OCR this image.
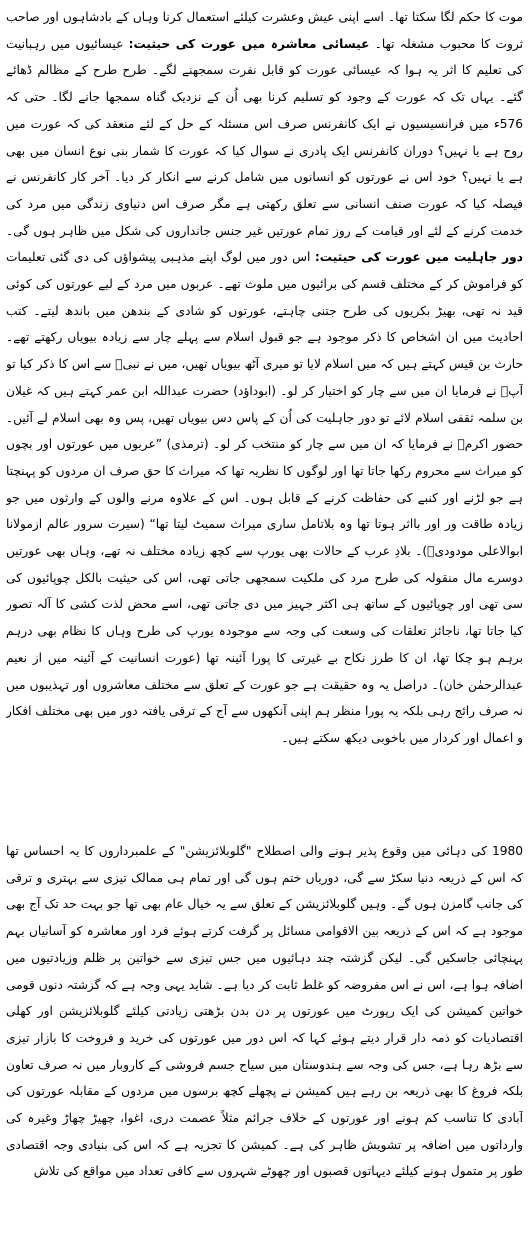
موت کا حکم لگا سکتا تھا۔ اسے اپنی عیش وعشرت کیلئے استعمال کرنا وہاں کے بادشاہوں اور صاحب ثروت کا محبوب مشغلہ تھا۔ عیسائی معاشرہ میں عورت کی حیثیت: عیسائیوں میں رہبانیت کی تعلیم کا اثر یہ ہوا کہ عیسائی عورت کو قابل نفرت سمجھنے لگے۔ طرح طرح کے مظالم ڈھائے گئے۔ یہاں تک کہ عورت کے وجود کو تسلیم کرنا بھی اُن کے نزدیک گناہ سمجھا جانے لگا۔ حتی کہ 576ء میں فرانسیسیوں نے ایک کانفرنس صرف اس مسئلہ کے حل کے لئے منعقد کی کہ عورت میں روح ہے یا نہیں؟ دوران کانفرنس ایک پادری نے سوال کیا کہ عورت کا شمار بنی نوع انسان میں بھی ہے یا نہیں؟ خود اس نے عورتوں کو انسانوں میں شامل کرنے سے انکار کر دیا۔ آخر کار کانفرنس نے فیصلہ کیا کہ عورت صنف انسانی سے تعلق رکھتی ہے مگر صرف اس دنیاوی زندگی میں مرد کی خدمت کرنے کے لئے اور قیامت کے روز تمام عورتیں غیر جنس جانداروں کی شکل میں ظاہر ہوں گی۔ دور جاہلیت میں عورت کی حیثیت: اس دور میں لوگ اپنے مذہبی پیشواؤں کی دی گئی تعلیمات کو فراموش کر کے مختلف قسم کی برائیوں میں ملوث تھے۔ عربوں میں مرد کے لیے عورتوں کی کوئی قید نہ تھی، بھیڑ بکریوں کی طرح جتنی چاہتے، عورتوں کو شادی کے بندھن میں باندھ لیتے۔ کتب احادیث میں ان اشخاص کا ذکر موجود ہے جو قبول اسلام سے پہلے چار سے زیادہ بیویاں رکھتے تھے۔ حارث بن قیس کہتے ہیں کہ میں اسلام لایا تو میری آٹھ بیویاں تھیں، میں نے نبیؐ سے اس کا ذکر کیا تو آپؐ نے فرمایا ان میں سے چار کو اختیار کر لو۔ (ابوداؤد) حضرت عبداللہ ابن عمر کہتے ہیں کہ غیلان بن سلمہ ثقفی اسلام لائے تو دور جاہلیت کی اُن کے پاس دس بیویاں تھیں، پس وہ بھی اسلام لے آئیں۔ حضور اکرمؐ نے فرمایا کہ ان میں سے چار کو منتخب کر لو۔ (ترمذی) ”عربوں میں عورتوں اور بچوں کو میراث سے محروم رکھا جاتا تھا اور لوگوں کا نظریہ تھا کہ میراث کا حق صرف ان مردوں کو پہنچتا ہے جو لڑنے اور کنبے کی حفاظت کرنے کے قابل ہوں۔ اس کے علاوہ مرنے والوں کے وارثوں میں جو زیادہ طاقت ور اور بااثر ہوتا تھا وہ بلاتامل ساری میراث سمیٹ لیتا تھا“ (سیرت سرور عالم ازمولانا ابوالاعلی مودودیؒ)۔ بلادِ عرب کے حالات بھی یورپ سے کچھ زیادہ مختلف نہ تھے، وہاں بھی عورتیں دوسرے مال منقولہ کی طرح مرد کی ملکیت سمجھی جاتی تھی، اس کی حیثیت بالکل چوپائیوں کی سی تھی اور چوپائیوں کے ساتھ ہی اکثر جہیز میں دی جاتی تھی، اسے محض لذت کشی کا آلہ تصور کیا جاتا تھا، ناجائز تعلقات کی وسعت کی وجہ سے موجودہ یورپ کی طرح وہاں کا نظام بھی درہم برہم ہو چکا تھا، ان کا طرز نکاح بے غیرتی کا پورا آئینہ تھا (عورت انسانیت کے آئینہ میں از نعیم عبدالرحمٰن خان)۔ دراصل یہ وہ حقیقت ہے جو عورت کے تعلق سے مختلف معاشروں اور تہذیبوں میں نہ صرف رائج رہی بلکہ یہ پورا منظر ہم اپنی آنکھوں سے آج کے ترقی یافتہ دور میں بھی مختلف افکار و اعمال اور کردار میں باخوبی دیکھ سکتے ہیں۔

1980 کی دہائی میں وقوع پذیر ہونے والی اصطلاح "گلوبلائزیشن" کے علمبرداروں کا یہ احساس تھا کہ اس کے ذریعہ دنیا سکڑ سے گی، دوریاں ختم ہوں گی اور تمام ہی ممالک تیزی سے بہتری و ترقی کی جانب گامزن ہوں گے۔ وہیں گلوبلائزیشن کے تعلق سے یہ خیال عام بھی تھا جو بہت حد تک آج بھی موجود ہے کہ اس کے ذریعہ بین الاقوامی مسائل پر گرفت کرتے ہوئے فرد اور معاشرہ کو آسانیاں بہم پہنچائی جاسکیں گی۔ لیکن گزشتہ چند دہائیوں میں جس تیزی سے خواتین پر ظلم وزیادتیوں میں اضافہ ہوا ہے، اس نے اس مفروضہ کو غلط ثابت کر دیا ہے۔ شاید یہی وجہ ہے کہ گزشتہ دنوں قومی خواتین کمیشن کی ایک رپورٹ میں عورتوں پر دن بدن بڑھتی زیادتی کیلئے گلوبلائزیشن اور کھلی اقتصادیات کو ذمہ دار قرار دیتے ہوئے کہا کہ اس دور میں عورتوں کی خرید و فروخت کا بازار تیزی سے بڑھ رہا ہے، جس کی وجہ سے ہندوستان میں سیاح جسم فروشی کے کاروبار میں نہ صرف تعاون بلکہ فروغ کا بھی ذریعہ بن رہے ہیں کمیشن نے پچھلے کچھ برسوں میں مردوں کے مقابلہ عورتوں کی آبادی کا تناسب کم ہونے اور عورتوں کے خلاف جرائم مثلاً عصمت دری، اغوا، چھیڑ چھاڑ وغیرہ کی وارداتوں میں اضافہ پر تشویش ظاہر کی ہے۔ کمیشن کا تجزیہ ہے کہ اس کی بنیادی وجہ اقتصادی طور پر متمول ہونے کیلئے دیہاتوں قصبوں اور چھوٹے شہروں سے کافی تعداد میں مواقع کی تلاش
